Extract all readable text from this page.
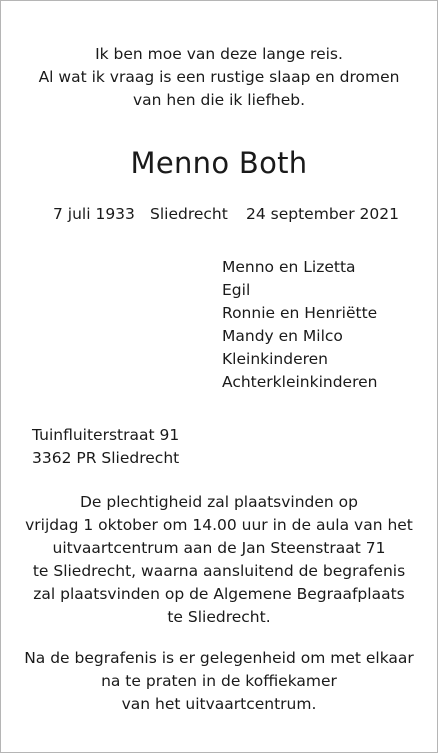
Ik ben moe van deze lange reis.
Al wat ik vraag is een rustige slaap en dromen
van hen die ik liefheb.
Menno Both
7 juli 1933 Sliedrecht 24 september 2021
Menno en Lizetta
Egil
Ronnie en Henriëtte
Mandy en Milco
Kleinkinderen
Achterkleinkinderen
Tuinfluiterstraat 91
3362 PR Sliedrecht
De plechtigheid zal plaatsvinden op
vrijdag 1 oktober om 14.00 uur in de aula van het
uitvaartcentrum aan de Jan Steenstraat 71
te Sliedrecht, waarna aansluitend de begrafenis
zal plaatsvinden op de Algemene Begraafplaats
te Sliedrecht.
Na de begrafenis is er gelegenheid om met elkaar
na te praten in de koffiekamer
van het uitvaartcentrum.
